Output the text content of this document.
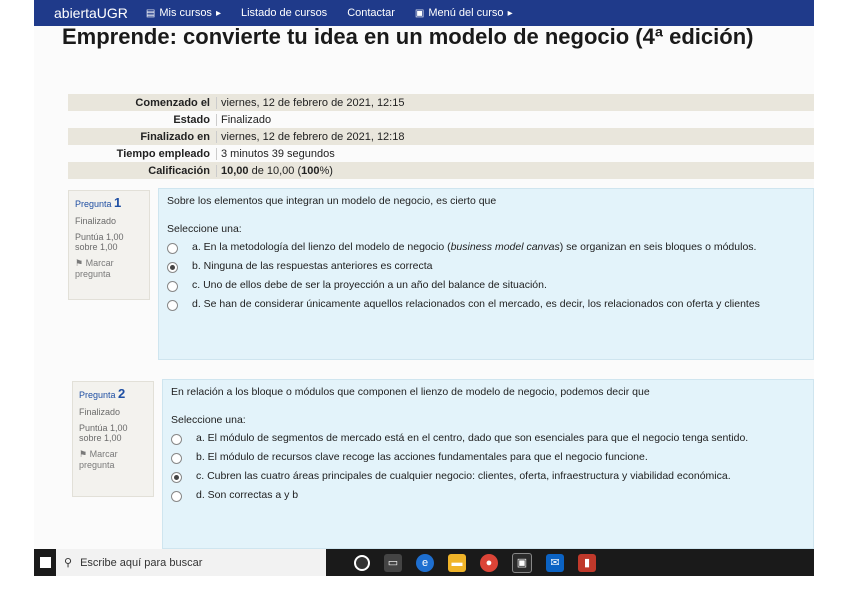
abiertaUGR ▤ Mis cursos ▸ Listado de cursos Contactar ▣ Menú del curso ▸
Emprende: convierte tu idea en un modelo de negocio (4ª edición)
Comenzado el	viernes, 12 de febrero de 2021, 12:15
Estado	Finalizado
Finalizado en	viernes, 12 de febrero de 2021, 12:18
Tiempo empleado	3 minutos 39 segundos
Calificación	10,00 de 10,00 (100%)
Pregunta 1
Finalizado
Puntúa 1,00 sobre 1,00
⚑ Marcar pregunta
Sobre los elementos que integran un modelo de negocio, es cierto que
Seleccione una:
a. En la metodología del lienzo del modelo de negocio (business model canvas) se organizan en seis bloques o módulos.
b. Ninguna de las respuestas anteriores es correcta
c. Uno de ellos debe de ser la proyección a un año del balance de situación.
d. Se han de considerar únicamente aquellos relacionados con el mercado, es decir, los relacionados con oferta y clientes
Pregunta 2
Finalizado
Puntúa 1,00 sobre 1,00
⚑ Marcar pregunta
En relación a los bloque o módulos que componen el lienzo de modelo de negocio, podemos decir que
Seleccione una:
a. El módulo de segmentos de mercado está en el centro, dado que son esenciales para que el negocio tenga sentido.
b. El módulo de recursos clave recoge las acciones fundamentales para que el negocio funcione.
c. Cubren las cuatro áreas principales de cualquier negocio: clientes, oferta, infraestructura y viabilidad económica.
d. Son correctas a y b
⚲ Escribe aquí para buscar	▭	e	▬	●	▣	✉	▮
